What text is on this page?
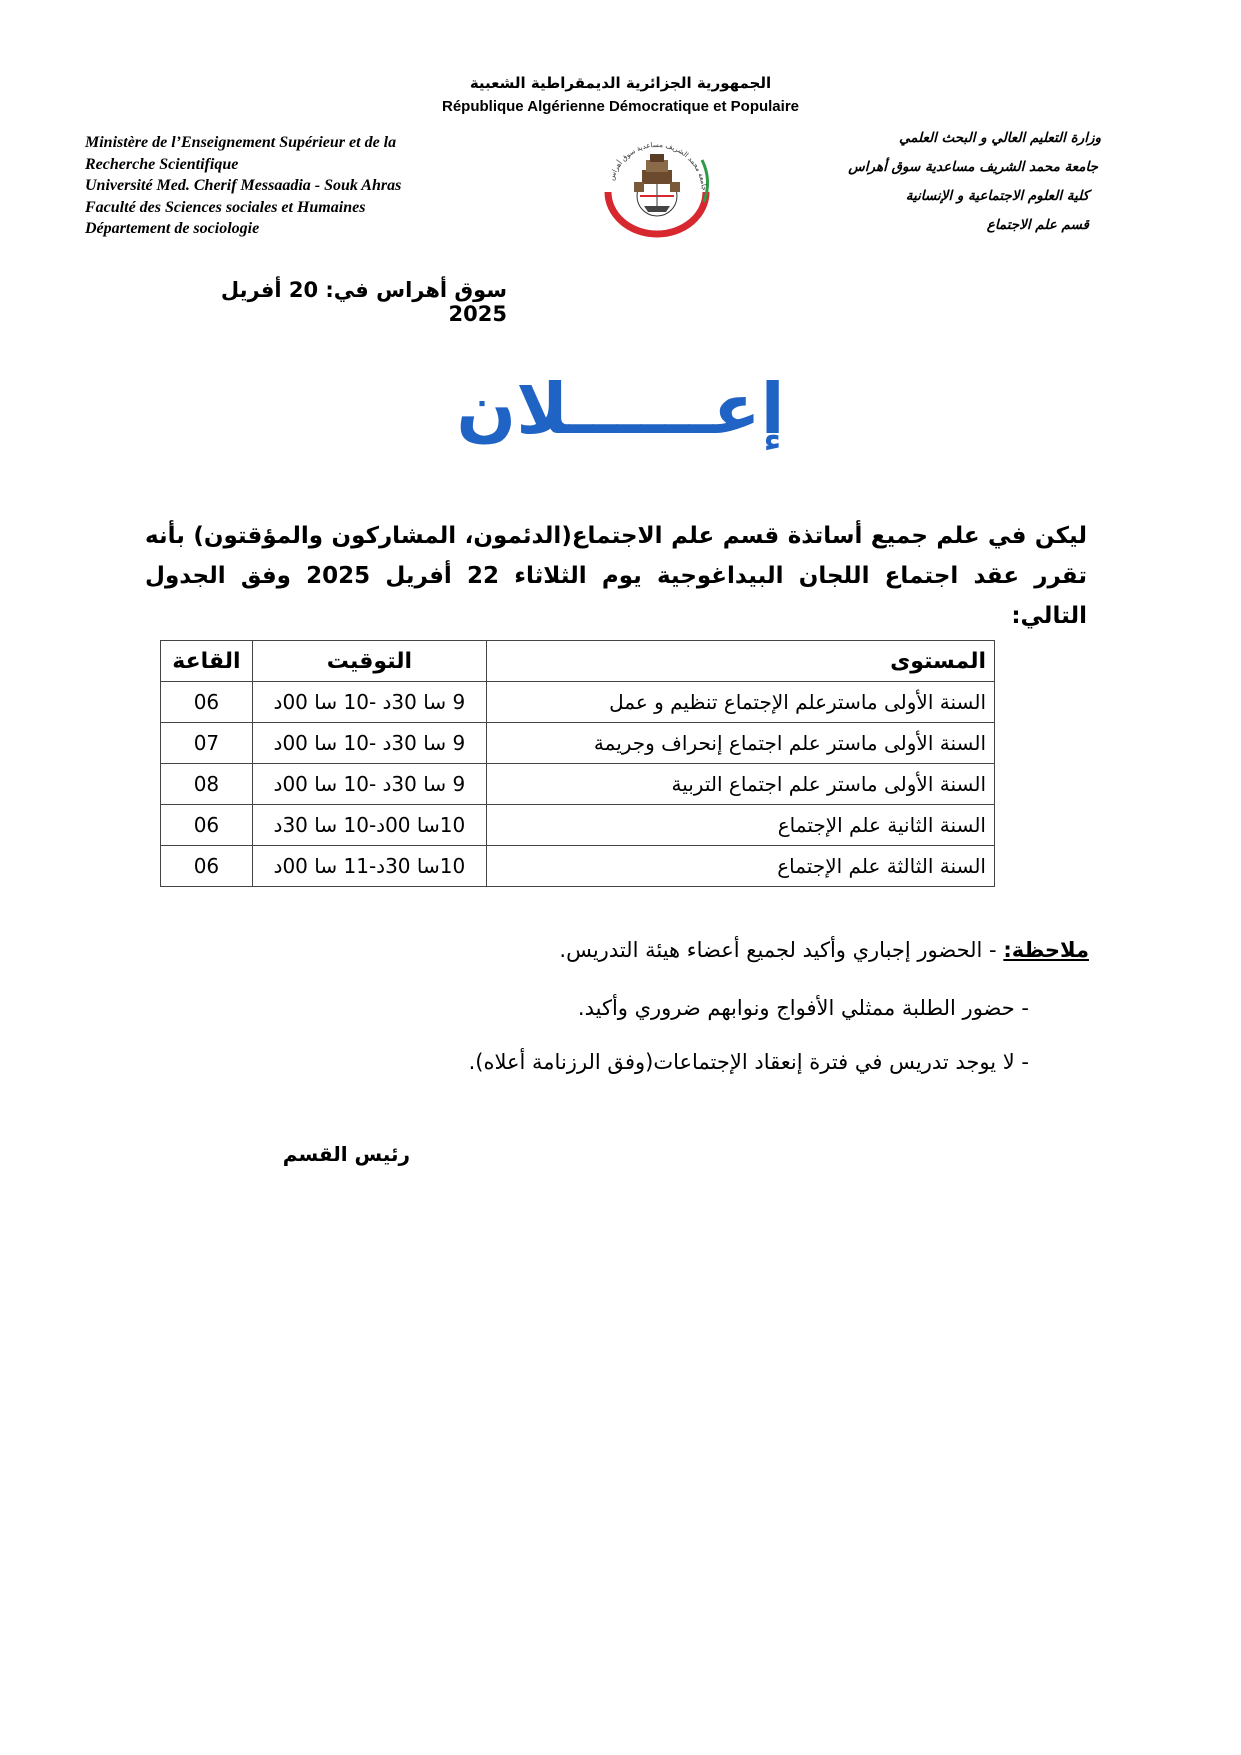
الجمهورية الجزائرية الديمقراطية الشعبية
République Algérienne Démocratique et Populaire
Ministère de l’Enseignement Supérieur et de la
Recherche Scientifique
Université Med. Cherif Messaadia - Souk Ahras
Faculté des Sciences sociales et Humaines
Département de sociologie
وزارة التعليم العالي و البحث العلمي
جامعة محمد الشريف مساعدية سوق أهراس
كلية العلوم الاجتماعية و الإنسانية
قسم علم الاجتماع
جامعة محمد الشريف مساعدية سوق أهراس
سوق أهراس في: 20 أفريل 2025
إعــــــلان
ليكن في علم جميع أساتذة قسم علم الاجتماع(الدئمون، المشاركون والمؤقتون) بأنه تقرر عقد اجتماع اللجان البيداغوجية يوم الثلاثاء 22 أفريل 2025 وفق الجدول التالي:
المستوى	التوقيت	القاعة
السنة الأولى ماسترعلم الإجتماع تنظيم و عمل	9 سا 30د -10 سا 00د	06
السنة الأولى ماستر علم اجتماع إنحراف وجريمة	9 سا 30د -10 سا 00د	07
السنة الأولى ماستر علم اجتماع التربية	9 سا 30د -10 سا 00د	08
السنة الثانية علم الإجتماع	10سا 00د-10 سا 30د	06
السنة الثالثة علم الإجتماع	10سا 30د-11 سا 00د	06
ملاحظة: - الحضور إجباري وأكيد لجميع أعضاء هيئة التدريس.
- حضور الطلبة ممثلي الأفواج ونوابهم ضروري وأكيد.
- لا يوجد تدريس في فترة إنعقاد الإجتماعات(وفق الرزنامة أعلاه).
رئيس القسم
